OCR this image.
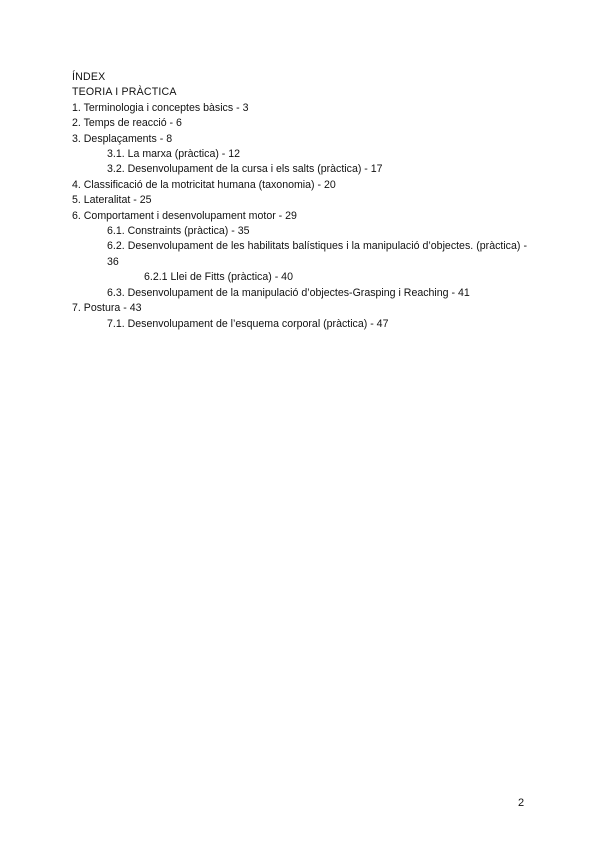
ÍNDEX
TEORIA I PRÀCTICA
1. Terminologia i conceptes bàsics - 3
2. Temps de reacció - 6
3. Desplaçaments - 8
3.1. La marxa (pràctica) - 12
3.2. Desenvolupament de la cursa i els salts (pràctica) - 17
4. Classificació de la motricitat humana (taxonomia) - 20
5. Lateralitat - 25
6. Comportament i desenvolupament motor - 29
6.1. Constraints (pràctica) - 35
6.2. Desenvolupament de les habilitats balístiques i la manipulació d’objectes. (pràctica) - 36
6.2.1 Llei de Fitts (pràctica) - 40
6.3. Desenvolupament de la manipulació d’objectes-Grasping i Reaching - 41
7. Postura - 43
7.1. Desenvolupament de l’esquema corporal (pràctica) - 47
2
